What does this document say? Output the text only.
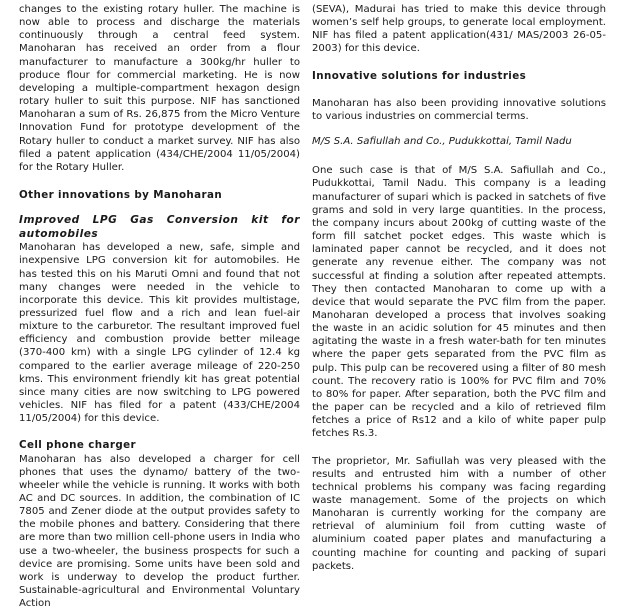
changes to the existing rotary huller. The machine is now able to process and discharge the materials continuously through a central feed system. Manoharan has received an order from a flour manufacturer to manufacture a 300kg/hr huller to produce flour for commercial marketing. He is now developing a multiple-compartment hexagon design rotary huller to suit this purpose. NIF has sanctioned Manoharan a sum of Rs. 26,875 from the Micro Venture Innovation Fund for prototype development of the Rotary huller to conduct a market survey. NIF has also filed a patent application (434/CHE/2004 11/05/2004) for the Rotary Huller.

Other innovations by Manoharan
Improved LPG Gas Conversion kit for automobiles

Manoharan has developed a new, safe, simple and inexpensive LPG conversion kit for automobiles. He has tested this on his Maruti Omni and found that not many changes were needed in the vehicle to incorporate this device. This kit provides multistage, pressurized fuel flow and a rich and lean fuel-air mixture to the carburetor. The resultant improved fuel efficiency and combustion provide better mileage (370-400 km) with a single LPG cylinder of 12.4 kg compared to the earlier average mileage of 220-250 kms. This environment friendly kit has great potential since many cities are now switching to LPG powered vehicles. NIF has filed for a patent (433/CHE/2004 11/05/2004) for this device.

Cell phone charger

Manoharan has also developed a charger for cell phones that uses the dynamo/ battery of the two-wheeler while the vehicle is running. It works with both AC and DC sources. In addition, the combination of IC 7805 and Zener diode at the output provides safety to the mobile phones and battery. Considering that there are more than two million cell-phone users in India who use a two-wheeler, the business prospects for such a device are promising. Some units have been sold and work is underway to develop the product further. Sustainable-agricultural and Environmental Voluntary Action

(SEVA), Madurai has tried to make this device through women’s self help groups, to generate local employment. NIF has filed a patent application(431/ MAS/2003 26-05-2003) for this device.

Innovative solutions for industries

Manoharan has also been providing innovative solutions to various industries on commercial terms.

M/S S.A. Safiullah and Co., Pudukkottai, Tamil Nadu

One such case is that of M/S S.A. Safiullah and Co., Pudukkottai, Tamil Nadu. This company is a leading manufacturer of supari which is packed in satchets of five grams and sold in very large quantities. In the process, the company incurs about 200kg of cutting waste of the form fill satchet pocket edges. This waste which is laminated paper cannot be recycled, and it does not generate any revenue either. The company was not successful at finding a solution after repeated attempts. They then contacted Manoharan to come up with a device that would separate the PVC film from the paper. Manoharan developed a process that involves soaking the waste in an acidic solution for 45 minutes and then agitating the waste in a fresh water-bath for ten minutes where the paper gets separated from the PVC film as pulp. This pulp can be recovered using a filter of 80 mesh count. The recovery ratio is 100% for PVC film and 70% to 80% for paper. After separation, both the PVC film and the paper can be recycled and a kilo of retrieved film fetches a price of Rs12 and a kilo of white paper pulp fetches Rs.3.

The proprietor, Mr. Safiullah was very pleased with the results and entrusted him with a number of other technical problems his company was facing regarding waste management. Some of the projects on which Manoharan is currently working for the company are retrieval of aluminium foil from cutting waste of aluminium coated paper plates and manufacturing a counting machine for counting and packing of supari packets.
